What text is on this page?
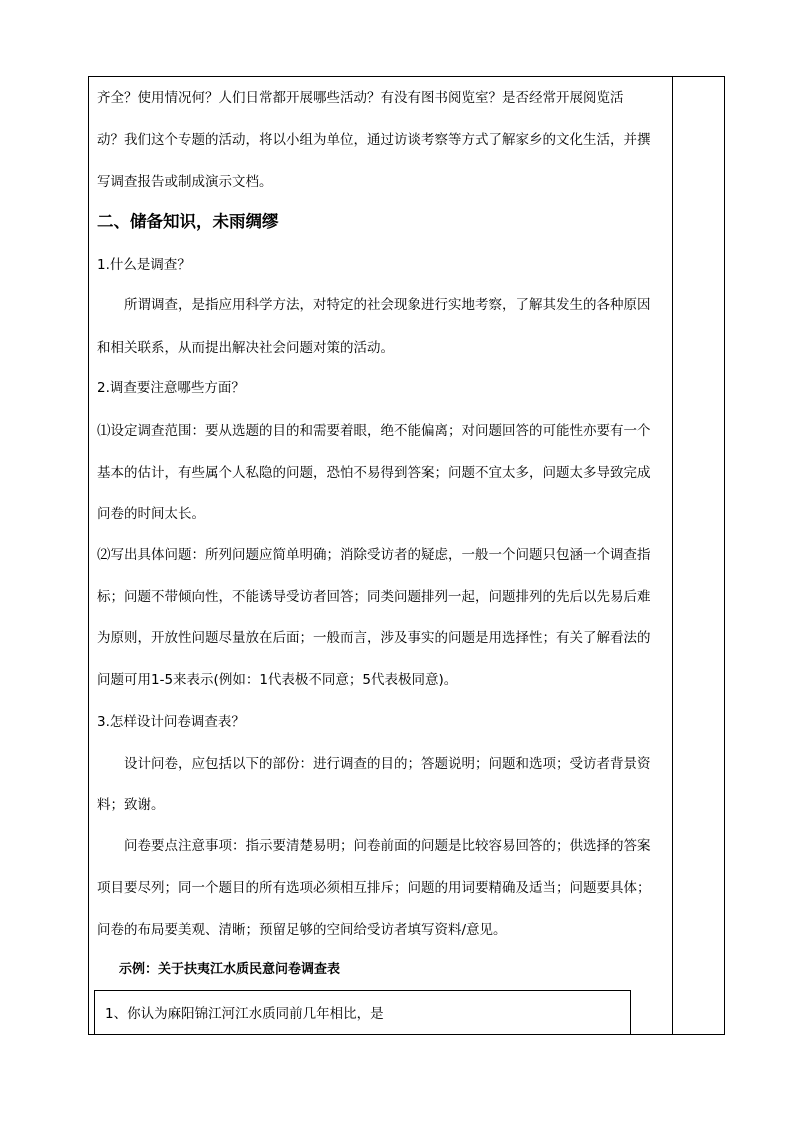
齐全？使用情况何？人们日常都开展哪些活动？有没有图书阅览室？是否经常开展阅览活
动？我们这个专题的活动，将以小组为单位，通过访谈考察等方式了解家乡的文化生活，并撰
写调查报告或制成演示文档。
二、储备知识，未雨绸缪
1.什么是调查？
所谓调查，是指应用科学方法，对特定的社会现象进行实地考察，了解其发生的各种原因
和相关联系，从而提出解决社会问题对策的活动。
2.调查要注意哪些方面？
⑴设定调查范围：要从选题的目的和需要着眼，绝不能偏离；对问题回答的可能性亦要有一个
基本的估计，有些属个人私隐的问题，恐怕不易得到答案；问题不宜太多，问题太多导致完成
问卷的时间太长。
⑵写出具体问题：所列问题应简单明确；消除受访者的疑虑，一般一个问题只包涵一个调查指
标；问题不带倾向性，不能诱导受访者回答；同类问题排列一起，问题排列的先后以先易后难
为原则，开放性问题尽量放在后面；一般而言，涉及事实的问题是用选择性；有关了解看法的
问题可用1-5来表示(例如：1代表极不同意；5代表极同意)。
3.怎样设计问卷调查表？
设计问卷，应包括以下的部份：进行调查的目的；答题说明；问题和选项；受访者背景资
料；致谢。
问卷要点注意事项：指示要清楚易明；问卷前面的问题是比较容易回答的；供选择的答案
项目要尽列；同一个题目的所有选项必须相互排斥；问题的用词要精确及适当；问题要具体；
问卷的布局要美观、清晰；预留足够的空间给受访者填写资料/意见。
示例：关于扶夷江水质民意问卷调查表
1、你认为麻阳锦江河江水质同前几年相比，是
